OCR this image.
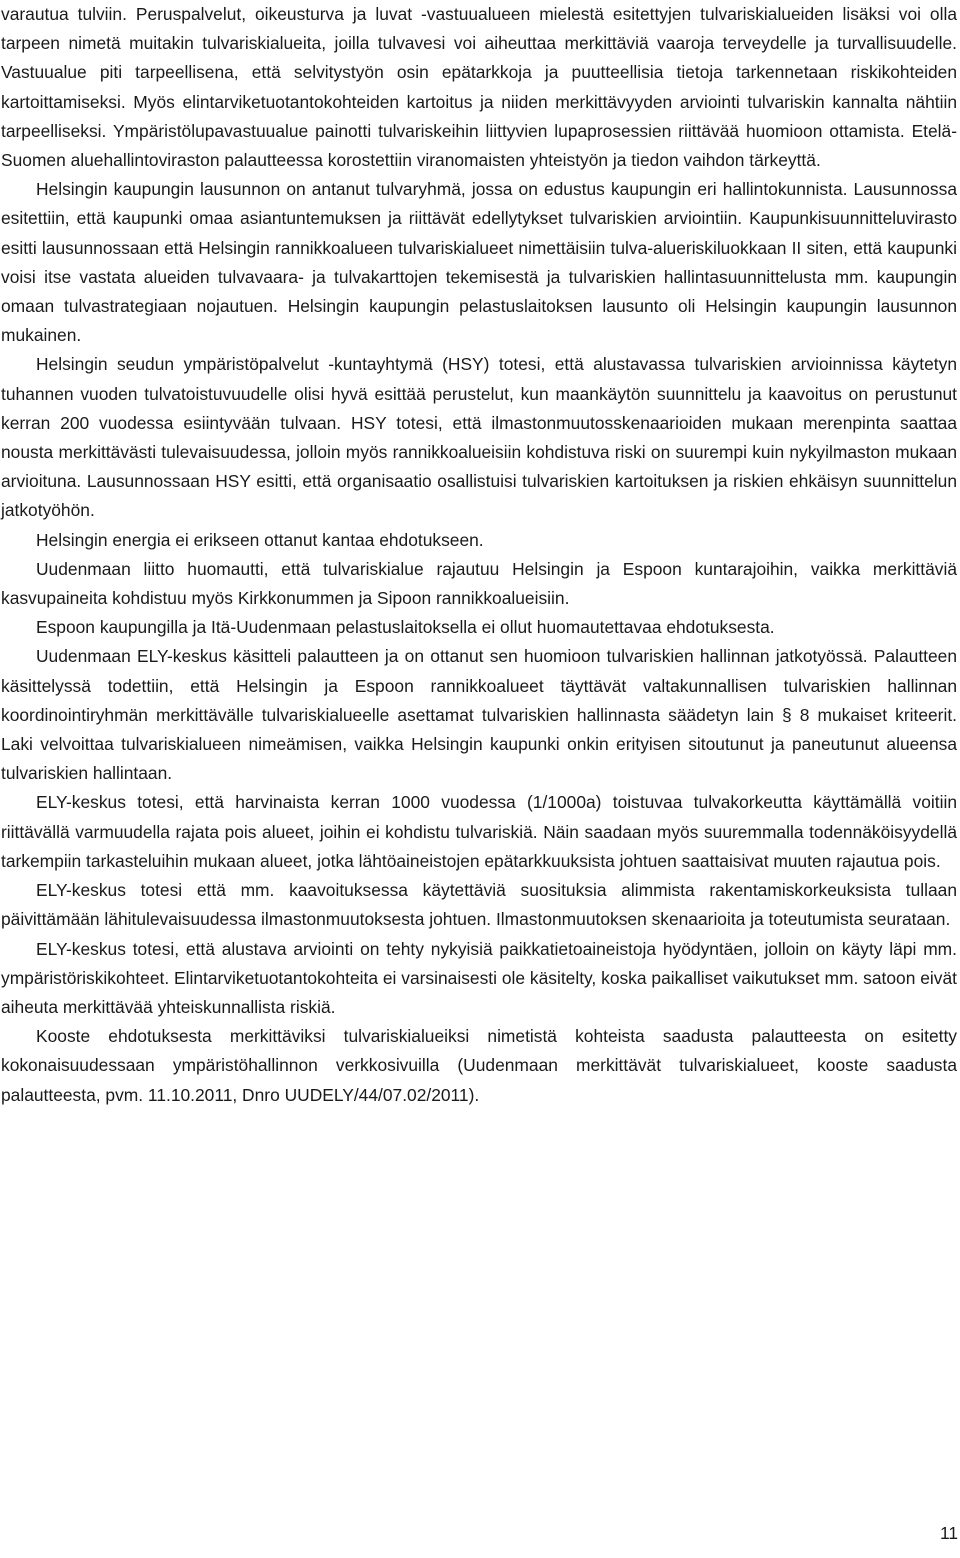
varautua tulviin. Peruspalvelut, oikeusturva ja luvat -vastuualueen mielestä esitettyjen tulvariskialueiden lisäksi voi olla tarpeen nimetä muitakin tulvariskialueita, joilla tulvavesi voi aiheuttaa merkittäviä vaaroja terveydelle ja turvallisuudelle. Vastuualue piti tarpeellisena, että selvitystyön osin epätarkkoja ja puutteellisia tietoja tarkennetaan riskikohteiden kartoittamiseksi. Myös elintarviketuotantokohteiden kartoitus ja niiden merkittävyyden arviointi tulvariskin kannalta nähtiin tarpeelliseksi. Ympäristölupavastuualue painotti tulvariskeihin liittyvien lupaprosessien riittävää huomioon ottamista. Etelä-Suomen aluehallintoviraston palautteessa korostettiin viranomaisten yhteistyön ja tiedon vaihdon tärkeyttä.

Helsingin kaupungin lausunnon on antanut tulvaryhmä, jossa on edustus kaupungin eri hallintokunnista. Lausunnossa esitettiin, että kaupunki omaa asiantuntemuksen ja riittävät edellytykset tulvariskien arviointiin. Kaupunkisuunnitteluvirasto esitti lausunnossaan että Helsingin rannikkoalueen tulvariskialueet nimettäisiin tulva-alueriskiluokkaan II siten, että kaupunki voisi itse vastata alueiden tulvavaara- ja tulvakarttojen tekemisestä ja tulvariskien hallintasuunnittelusta mm. kaupungin omaan tulvastrategiaan nojautuen. Helsingin kaupungin pelastuslaitoksen lausunto oli Helsingin kaupungin lausunnon mukainen.

Helsingin seudun ympäristöpalvelut -kuntayhtymä (HSY) totesi, että alustavassa tulvariskien arvioinnissa käytetyn tuhannen vuoden tulvatoistuvuudelle olisi hyvä esittää perustelut, kun maankäytön suunnittelu ja kaavoitus on perustunut kerran 200 vuodessa esiintyvään tulvaan. HSY totesi, että ilmastonmuutosskenaarioiden mukaan merenpinta saattaa nousta merkittävästi tulevaisuudessa, jolloin myös rannikkoalueisiin kohdistuva riski on suurempi kuin nykyilmaston mukaan arvioituna. Lausunnossaan HSY esitti, että organisaatio osallistuisi tulvariskien kartoituksen ja riskien ehkäisyn suunnittelun jatkotyöhön.

Helsingin energia ei erikseen ottanut kantaa ehdotukseen.

Uudenmaan liitto huomautti, että tulvariskialue rajautuu Helsingin ja Espoon kuntarajoihin, vaikka merkittäviä kasvupaineita kohdistuu myös Kirkkonummen ja Sipoon rannikkoalueisiin.

Espoon kaupungilla ja Itä-Uudenmaan pelastuslaitoksella ei ollut huomautettavaa ehdotuksesta.

Uudenmaan ELY-keskus käsitteli palautteen ja on ottanut sen huomioon tulvariskien hallinnan jatkotyössä. Palautteen käsittelyssä todettiin, että Helsingin ja Espoon rannikkoalueet täyttävät valtakunnallisen tulvariskien hallinnan koordinointiryhmän merkittävälle tulvariskialueelle asettamat tulvariskien hallinnasta säädetyn lain § 8 mukaiset kriteerit. Laki velvoittaa tulvariskialueen nimeämisen, vaikka Helsingin kaupunki onkin erityisen sitoutunut ja paneutunut alueensa tulvariskien hallintaan.

ELY-keskus totesi, että harvinaista kerran 1000 vuodessa (1/1000a) toistuvaa tulvakorkeutta käyttämällä voitiin riittävällä varmuudella rajata pois alueet, joihin ei kohdistu tulvariskiä. Näin saadaan myös suuremmalla todennäköisyydellä tarkempiin tarkasteluihin mukaan alueet, jotka lähtöaineistojen epätarkkuuksista johtuen saattaisivat muuten rajautua pois.

ELY-keskus totesi että mm. kaavoituksessa käytettäviä suosituksia alimmista rakentamiskorkeuksista tullaan päivittämään lähitulevaisuudessa ilmastonmuutoksesta johtuen. Ilmastonmuutoksen skenaarioita ja toteutumista seurataan.

ELY-keskus totesi, että alustava arviointi on tehty nykyisiä paikkatietoaineistoja hyödyntäen, jolloin on käyty läpi mm. ympäristöriskikohteet. Elintarviketuotantokohteita ei varsinaisesti ole käsitelty, koska paikalliset vaikutukset mm. satoon eivät aiheuta merkittävää yhteiskunnallista riskiä.

Kooste ehdotuksesta merkittäviksi tulvariskialueiksi nimetistä kohteista saadusta palautteesta on esitetty kokonaisuudessaan ympäristöhallinnon verkkosivuilla (Uudenmaan merkittävät tulvariskialueet, kooste saadusta palautteesta, pvm. 11.10.2011, Dnro UUDELY/44/07.02/2011).

11
